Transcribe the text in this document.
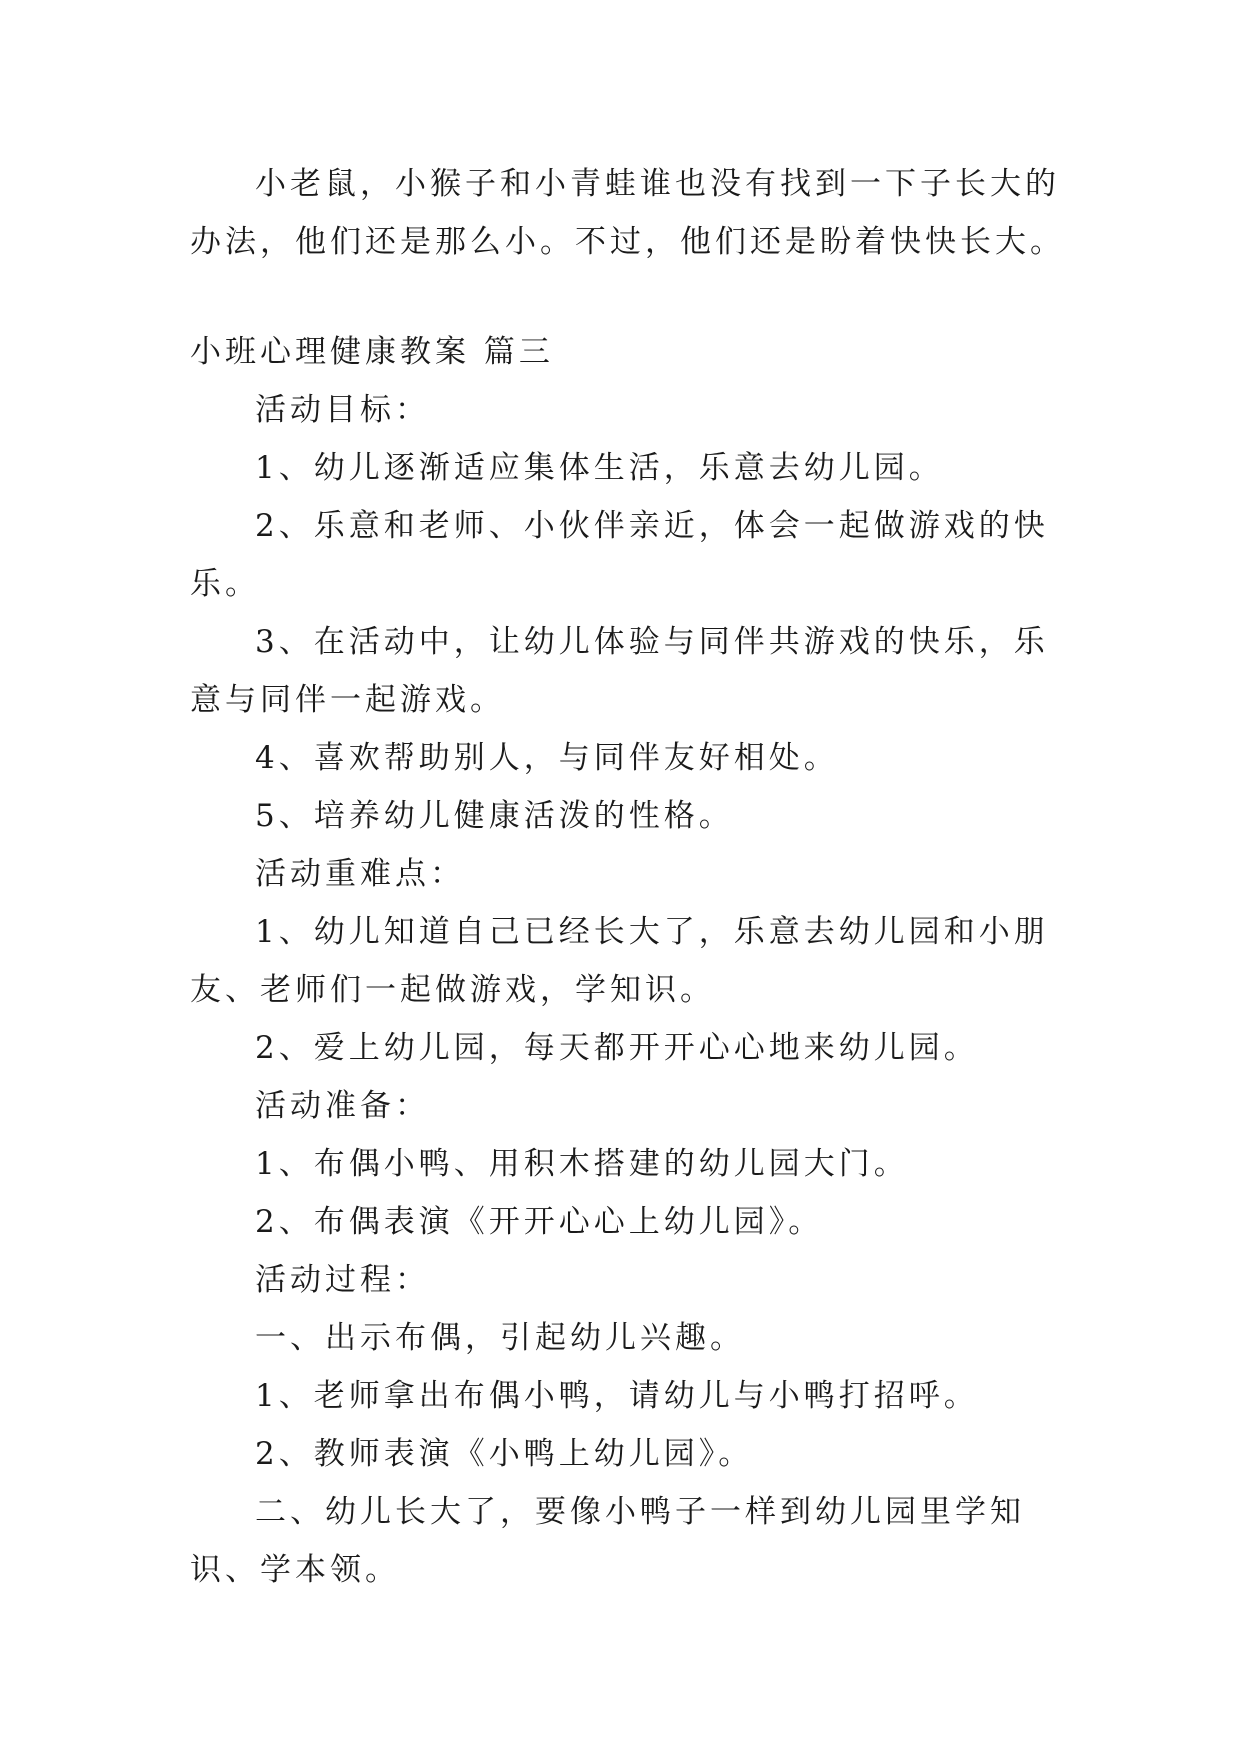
小老鼠，小猴子和小青蛙谁也没有找到一下子长大的办法，他们还是那么小。不过，他们还是盼着快快长大。

小班心理健康教案 篇三

活动目标：

1、幼儿逐渐适应集体生活，乐意去幼儿园。

2、乐意和老师、小伙伴亲近，体会一起做游戏的快乐。

3、在活动中，让幼儿体验与同伴共游戏的快乐，乐意与同伴一起游戏。

4、喜欢帮助别人，与同伴友好相处。

5、培养幼儿健康活泼的性格。

活动重难点：

1、幼儿知道自己已经长大了，乐意去幼儿园和小朋友、老师们一起做游戏，学知识。

2、爱上幼儿园，每天都开开心心地来幼儿园。

活动准备：

1、布偶小鸭、用积木搭建的幼儿园大门。

2、布偶表演《开开心心上幼儿园》。

活动过程：

一、出示布偶，引起幼儿兴趣。

1、老师拿出布偶小鸭，请幼儿与小鸭打招呼。

2、教师表演《小鸭上幼儿园》。

二、幼儿长大了，要像小鸭子一样到幼儿园里学知识、学本领。
